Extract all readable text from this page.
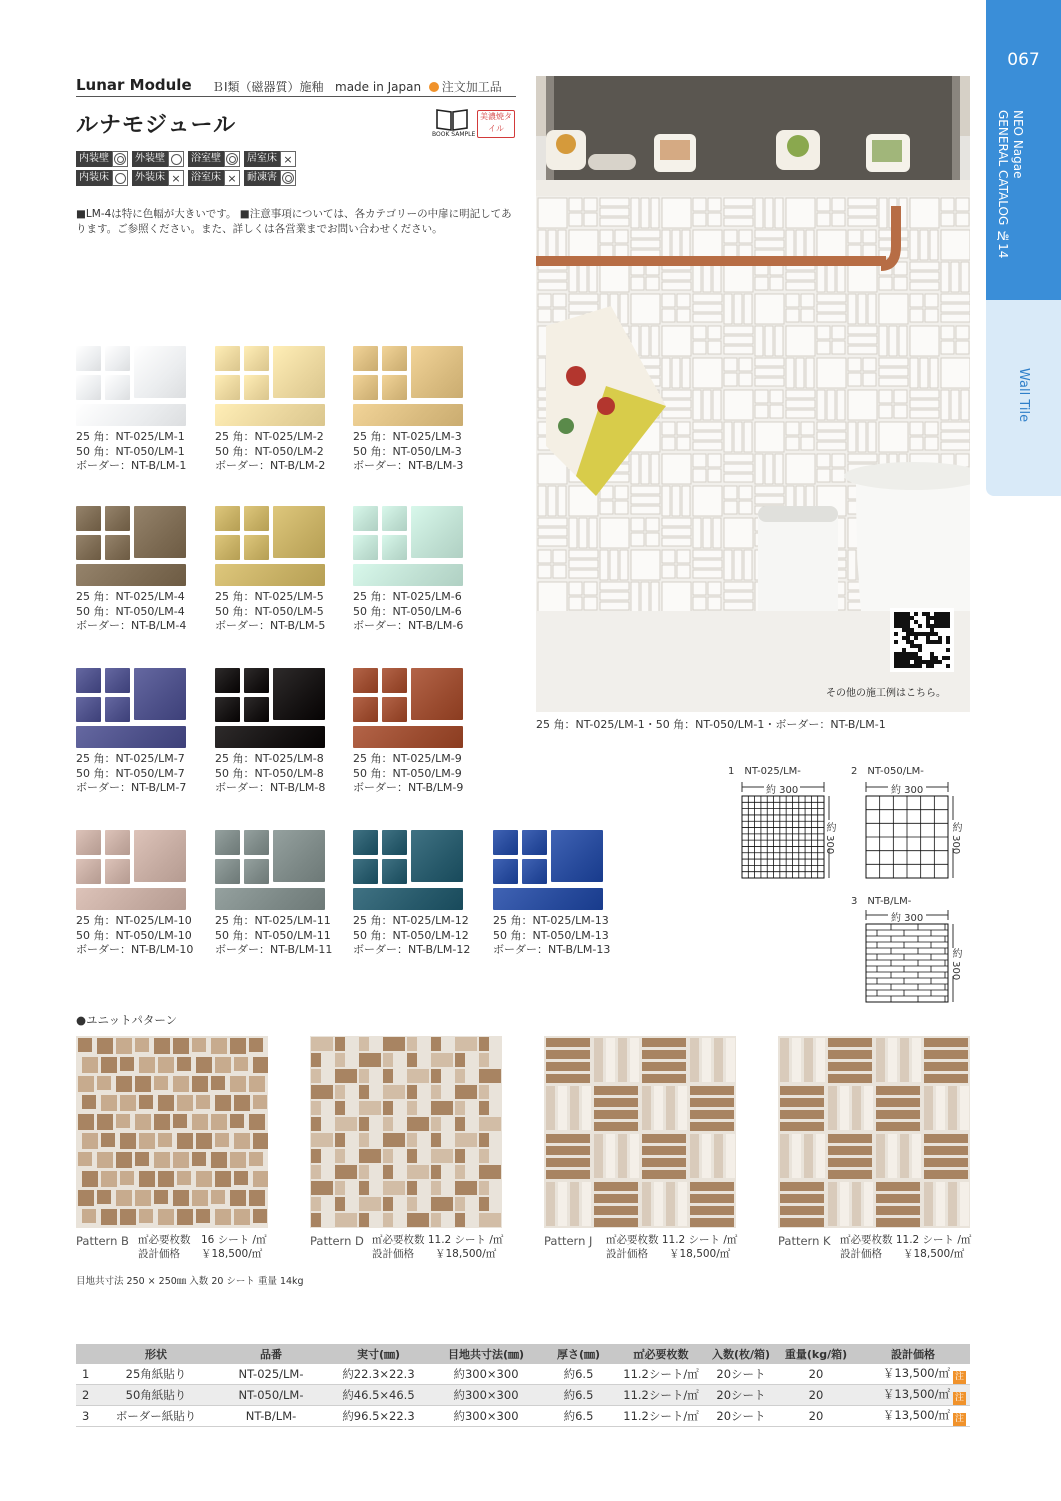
Lunar Module ＢⅠ類（磁器質）施釉 made in Japan 注文加工品
ルナモジュール	BOOK SAMPLE
美濃焼タイル
内装壁	外装壁	浴室壁	居室床 ×
内装床	外装床 ×	浴室床 ×	耐凍害
■LM-4は特に色幅が大きいです。 ■注意事項については、各カテゴリーの中扉に明記してあります。ご参照ください。また、詳しくは各営業までお問い合わせください。
25 角：NT-025/LM-1
50 角：NT-050/LM-1
ボーダー：NT-B/LM-1
25 角：NT-025/LM-2
50 角：NT-050/LM-2
ボーダー：NT-B/LM-2
25 角：NT-025/LM-3
50 角：NT-050/LM-3
ボーダー：NT-B/LM-3
25 角：NT-025/LM-4
50 角：NT-050/LM-4
ボーダー：NT-B/LM-4
25 角：NT-025/LM-5
50 角：NT-050/LM-5
ボーダー：NT-B/LM-5
25 角：NT-025/LM-6
50 角：NT-050/LM-6
ボーダー：NT-B/LM-6
25 角：NT-025/LM-7
50 角：NT-050/LM-7
ボーダー：NT-B/LM-7
25 角：NT-025/LM-8
50 角：NT-050/LM-8
ボーダー：NT-B/LM-8
25 角：NT-025/LM-9
50 角：NT-050/LM-9
ボーダー：NT-B/LM-9
25 角：NT-025/LM-10
50 角：NT-050/LM-10
ボーダー：NT-B/LM-10
25 角：NT-025/LM-11
50 角：NT-050/LM-11
ボーダー：NT-B/LM-11
25 角：NT-025/LM-12
50 角：NT-050/LM-12
ボーダー：NT-B/LM-12
25 角：NT-025/LM-13
50 角：NT-050/LM-13
ボーダー：NT-B/LM-13
その他の施工例はこちら。
25 角：NT-025/LM-1・50 角：NT-050/LM-1・ボーダー：NT-B/LM-1
067
NEO Nagae
GENERAL CATALOG №14
Wall Tile
1　NT-025/LM-
約 300
約 300
2　NT-050/LM-
約 300
約 300
3　NT-B/LM-
約 300
約 300
●ユニットパターン
Pattern B ㎡必要枚数　16 シート /㎡
設計価格　　￥18,500/㎡
Pattern D ㎡必要枚数 11.2 シート /㎡
設計価格　　￥18,500/㎡
Pattern J ㎡必要枚数 11.2 シート /㎡
設計価格　　￥18,500/㎡
Pattern K ㎡必要枚数 11.2 シート /㎡
設計価格　　￥18,500/㎡
目地共寸法 250 × 250㎜ 入数 20 シート 重量 14kg
	形状	品番	実寸(㎜)	目地共寸法(㎜)	厚さ(㎜)	㎡必要枚数	入数(枚/箱)	重量(kg/箱)	設計価格
1	25角紙貼り	NT-025/LM-	約22.3×22.3	約300×300	約6.5	11.2シート/㎡	20シート	20	￥13,500/㎡ 注
2	50角紙貼り	NT-050/LM-	約46.5×46.5	約300×300	約6.5	11.2シート/㎡	20シート	20	￥13,500/㎡ 注
3	ボーダー紙貼り	NT-B/LM-	約96.5×22.3	約300×300	約6.5	11.2シート/㎡	20シート	20	￥13,500/㎡ 注
